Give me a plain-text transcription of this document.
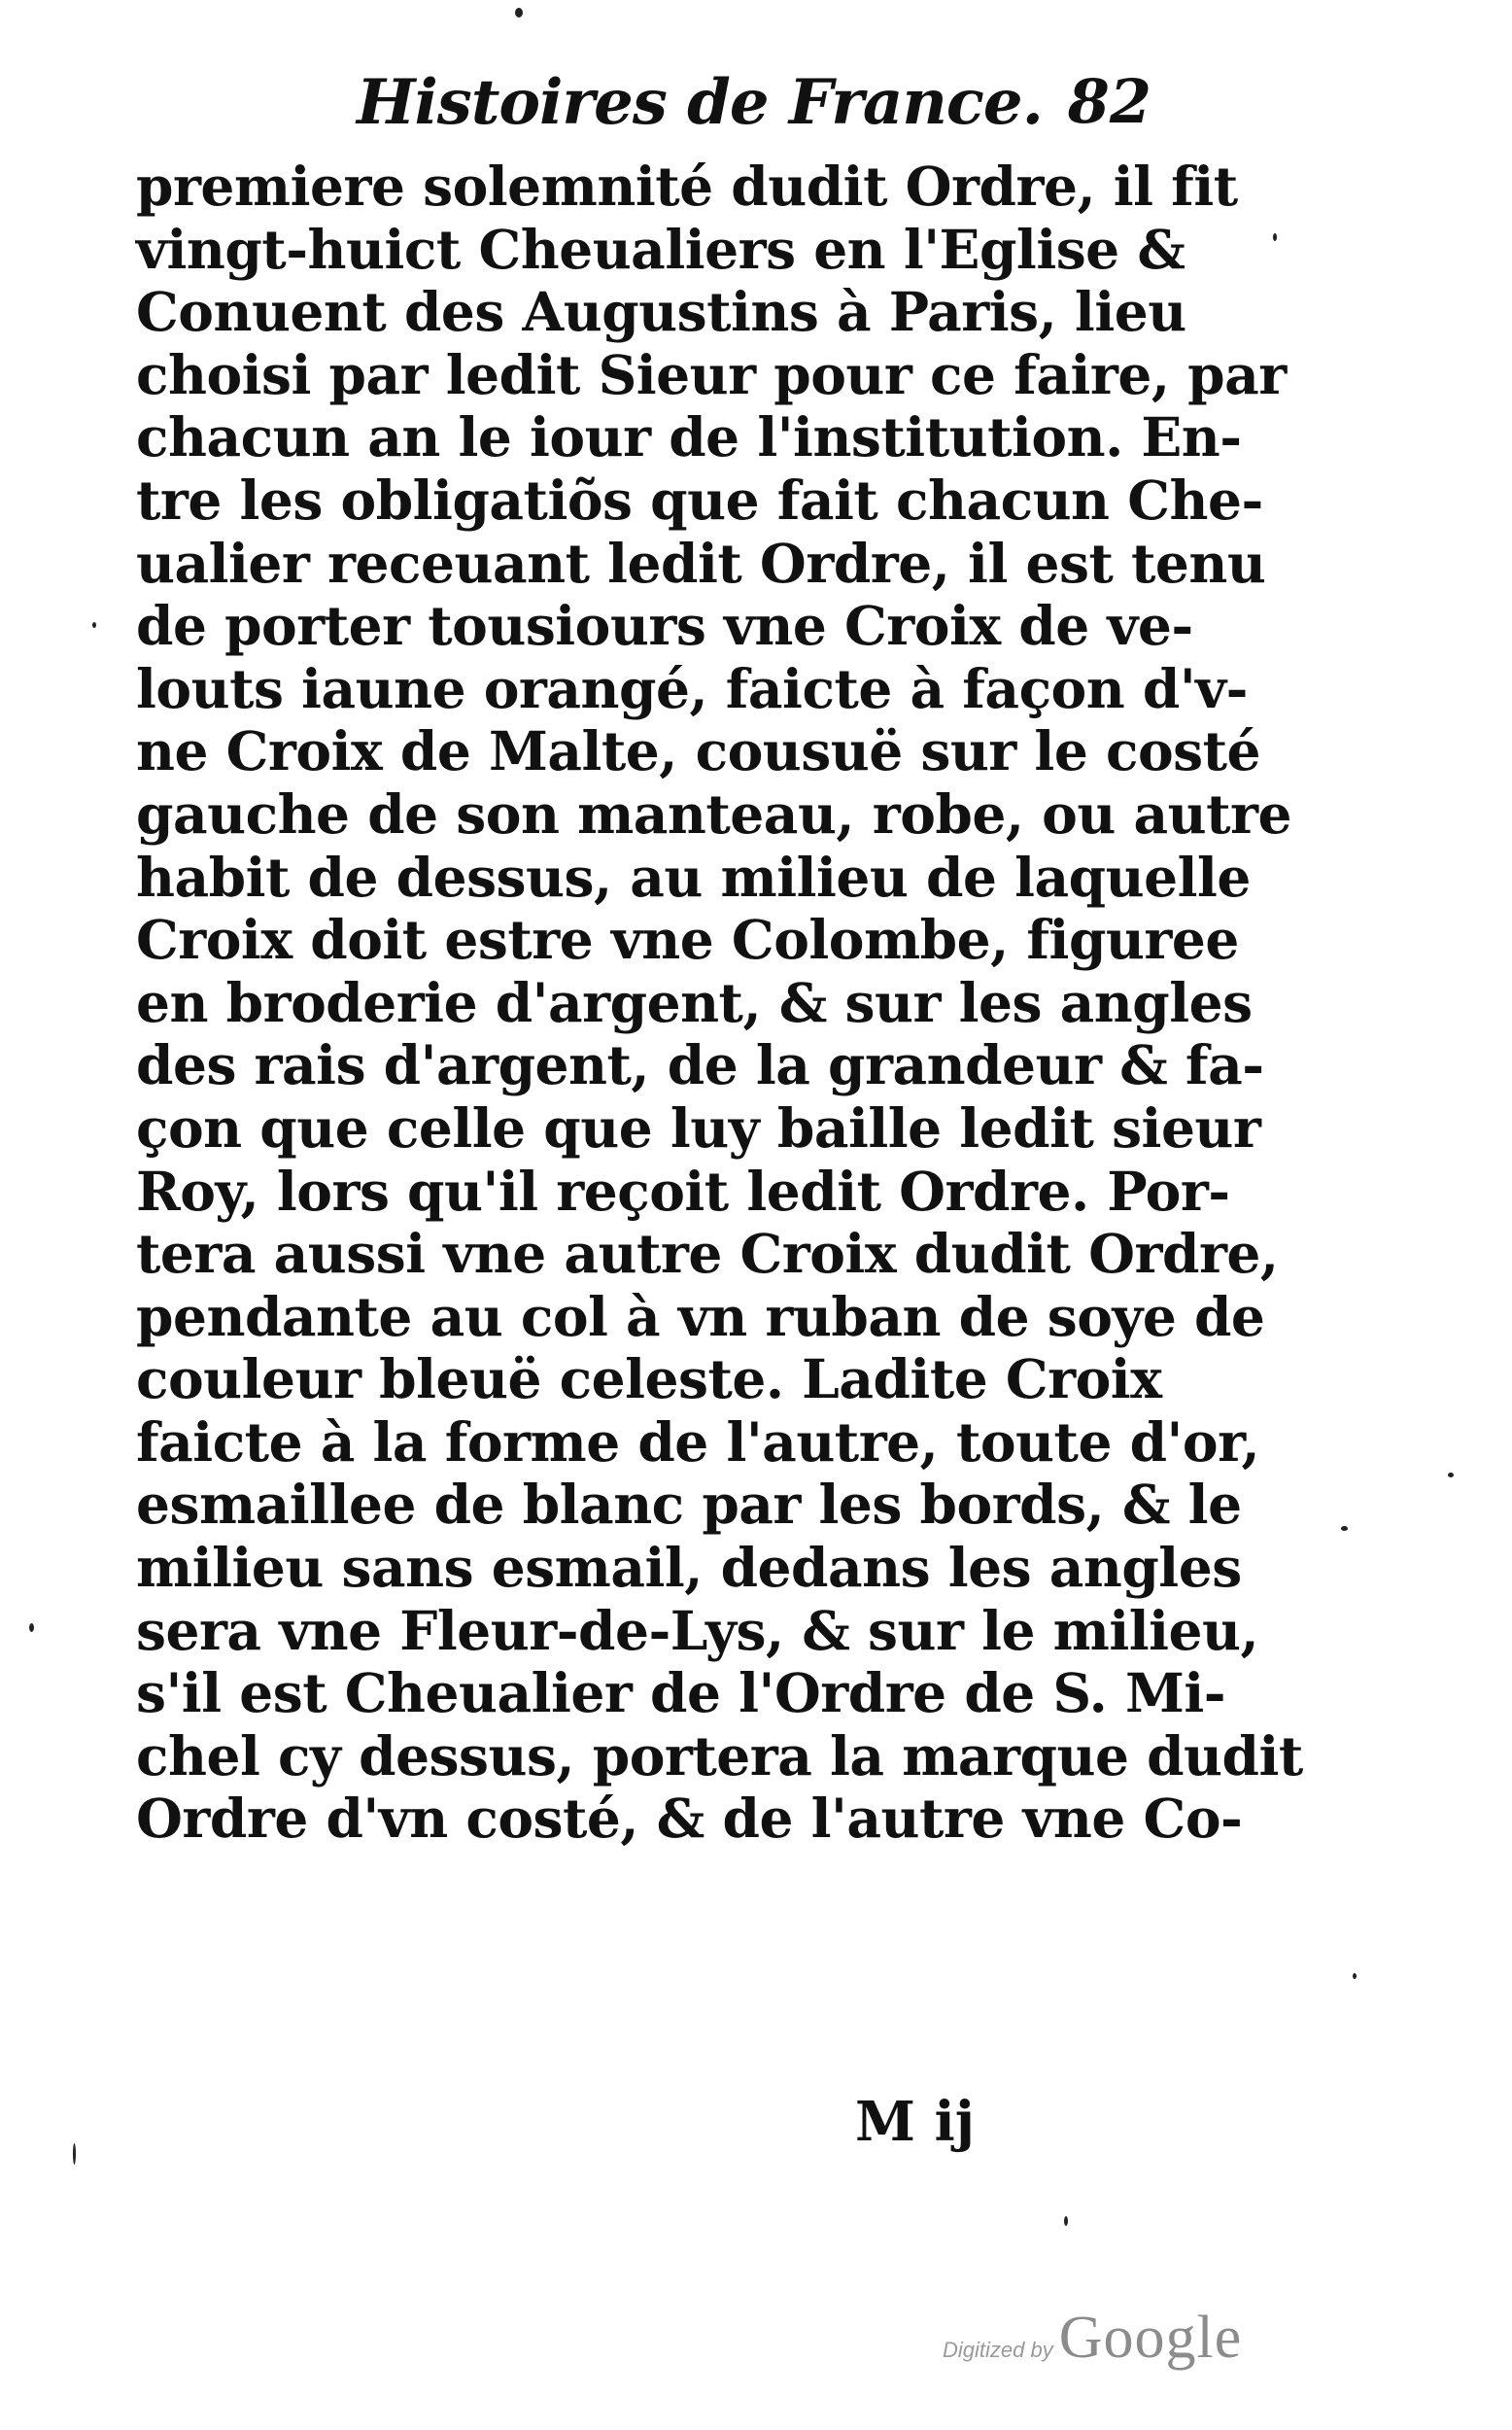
Histoires de France. 82
premiere solemnité dudit Ordre, il fit
vingt-huict Cheualiers en l'Eglise &
Conuent des Augustins à Paris, lieu
choisi par ledit Sieur pour ce faire, par
chacun an le iour de l'institution. En-
tre les obligatiõs que fait chacun Che-
ualier receuant ledit Ordre, il est tenu
de porter tousiours vne Croix de ve-
louts iaune orangé, faicte à façon d'v-
ne Croix de Malte, cousuë sur le costé
gauche de son manteau, robe, ou autre
habit de dessus, au milieu de laquelle
Croix doit estre vne Colombe, figuree
en broderie d'argent, & sur les angles
des rais d'argent, de la grandeur & fa-
çon que celle que luy baille ledit sieur
Roy, lors qu'il reçoit ledit Ordre. Por-
tera aussi vne autre Croix dudit Ordre,
pendante au col à vn ruban de soye de
couleur bleuë celeste. Ladite Croix
faicte à la forme de l'autre, toute d'or,
esmaillee de blanc par les bords, & le
milieu sans esmail, dedans les angles
sera vne Fleur-de-Lys, & sur le milieu,
s'il est Cheualier de l'Ordre de S. Mi-
chel cy dessus, portera la marque dudit
Ordre d'vn costé, & de l'autre vne Co-
M ij
Digitized by Google
